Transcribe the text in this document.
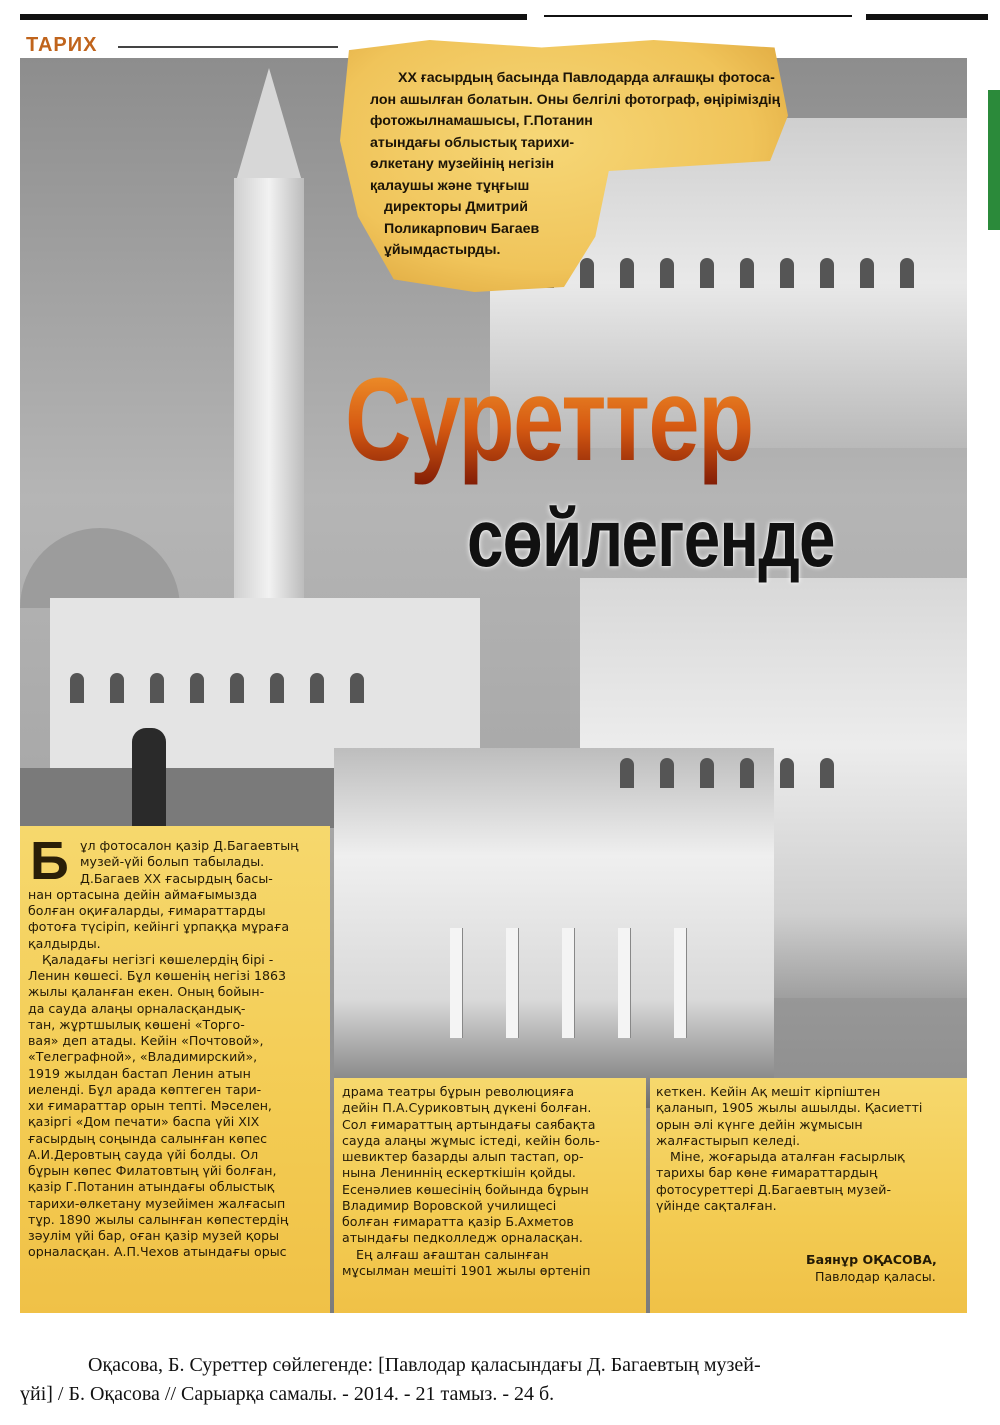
ТАРИХ
XX ғасырдың басында Павлодарда алғашқы фотоса-
лон ашылған болатын. Оны белгілі фотограф, өңіріміздің
фотожылнамашысы, Г.Потанин
атындағы облыстық тарихи-
өлкетану музейінің негізін
қалаушы және тұңғыш
директоры Дмитрий
Поликарпович Багаев
ұйымдастырды.
Суреттер
сөйлегенде
Б ұл фотосалон қазір Д.Багаевтың
музей-үйі болып табылады.
Д.Багаев XX ғасырдың басы-
нан ортасына дейін аймағымызда
болған оқиғаларды, ғимараттарды
фотоға түсіріп, кейінгі ұрпаққа мұраға
қалдырды.
Қаладағы негізгі көшелердің бірі -
Ленин көшесі. Бұл көшенің негізі 1863
жылы қаланған екен. Оның бойын-
да сауда алаңы орналасқандық-
тан, жұртшылық көшені «Торго-
вая» деп атады. Кейін «Почтовой»,
«Телеграфной», «Владимирский»,
1919 жылдан бастап Ленин атын
иеленді. Бұл арада көптеген тари-
хи ғимараттар орын тепті. Мәселен,
қазіргі «Дом печати» баспа үйі XIX
ғасырдың соңында салынған көпес
А.И.Деровтың сауда үйі болды. Ол
бұрын көпес Филатовтың үйі болған,
қазір Г.Потанин атындағы облыстық
тарихи-өлкетану музейімен жалғасып
тұр. 1890 жылы салынған көпестердің
зәулім үйі бар, оған қазір музей қоры
орналасқан. А.П.Чехов атындағы орыс
драма театры бұрын революцияға
дейін П.А.Суриковтың дүкені болған.
Сол ғимараттың артындағы саябақта
сауда алаңы жұмыс істеді, кейін боль-
шевиктер базарды алып тастап, ор-
нына Лениннің ескерткішін қойды.
Есенәлиев көшесінің бойында бұрын
Владимир Воровской училищесі
болған ғимаратта қазір Б.Ахметов
атындағы педколледж орналасқан.
Ең алғаш ағаштан салынған
мұсылман мешіті 1901 жылы өртеніп
кеткен. Кейін Ақ мешіт кірпіштен
қаланып, 1905 жылы ашылды. Қасиетті
орын әлі күнге дейін жұмысын
жалғастырып келеді.
Міне, жоғарыда аталған ғасырлық
тарихы бар көне ғимараттардың
фотосуреттері Д.Багаевтың музей-
үйінде сақталған.
Баянұр ОҚАСОВА,
Павлодар қаласы.
Оқасова, Б. Суреттер сөйлегенде: [Павлодар қаласындағы Д. Багаевтың музей-
үйі] / Б. Оқасова // Сарыарқа самалы. - 2014. - 21 тамыз. - 24 б.
